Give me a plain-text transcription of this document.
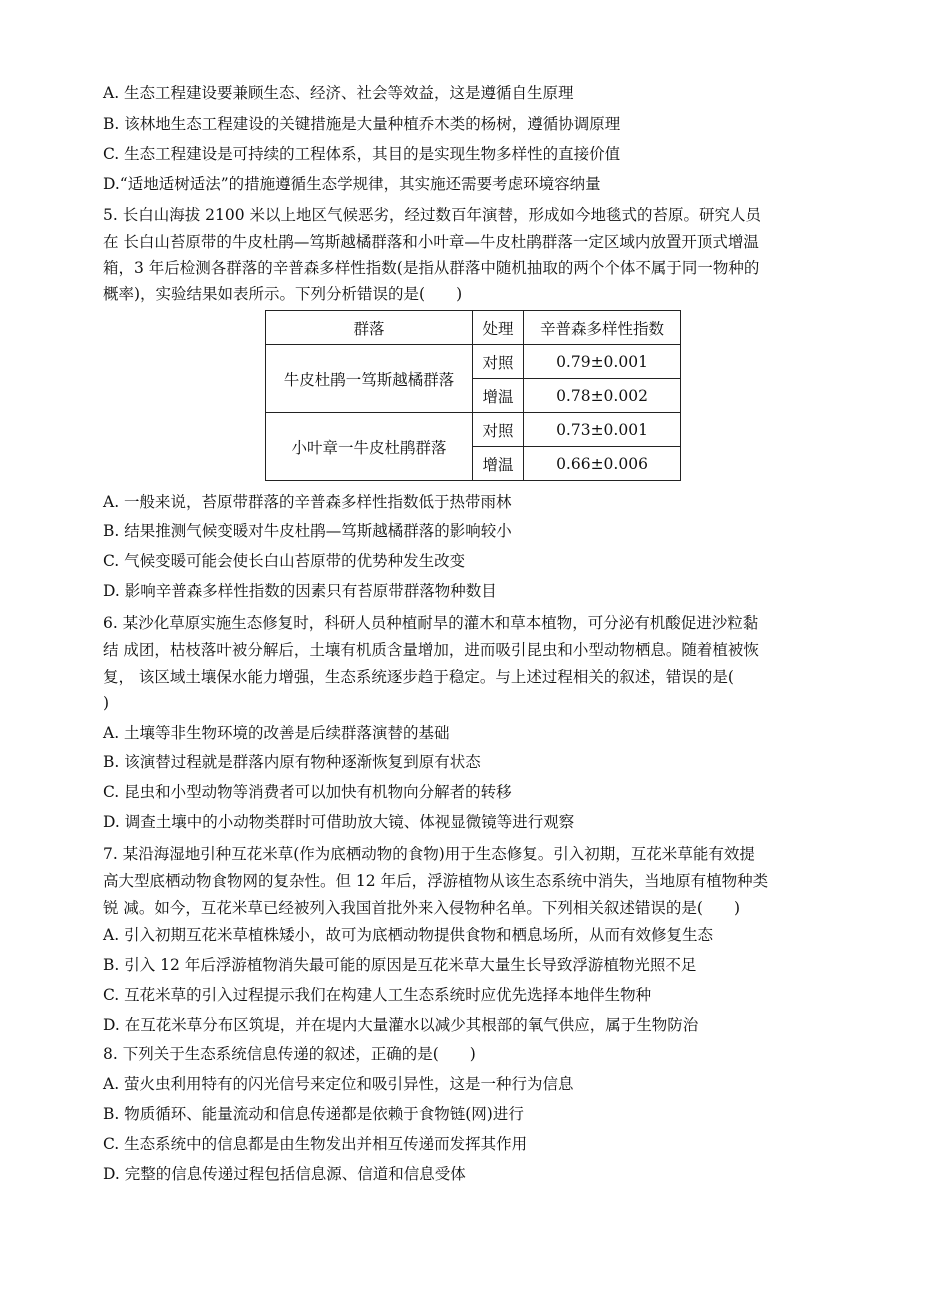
A. 生态工程建设要兼顾生态、经济、社会等效益，这是遵循自生原理
B. 该林地生态工程建设的关键措施是大量种植乔木类的杨树，遵循协调原理
C. 生态工程建设是可持续的工程体系，其目的是实现生物多样性的直接价值
D.“适地适树适法”的措施遵循生态学规律，其实施还需要考虑环境容纳量
5. 长白山海拔 2100 米以上地区气候恶劣，经过数百年演替，形成如今地毯式的苔原。研究人员
在 长白山苔原带的牛皮杜鹃—笃斯越橘群落和小叶章—牛皮杜鹃群落一定区域内放置开顶式增温
箱，3 年后检测各群落的辛普森多样性指数(是指从群落中随机抽取的两个个体不属于同一物种的
概率)，实验结果如表所示。下列分析错误的是(　　)
群落	处理	辛普森多样性指数
牛皮杜鹃一笃斯越橘群落	对照	0.79±0.001
	增温	0.78±0.002
小叶章一牛皮杜鹃群落	对照	0.73±0.001
	增温	0.66±0.006
A. 一般来说，苔原带群落的辛普森多样性指数低于热带雨林
B. 结果推测气候变暖对牛皮杜鹃—笃斯越橘群落的影响较小
C. 气候变暖可能会使长白山苔原带的优势种发生改变
D. 影响辛普森多样性指数的因素只有苔原带群落物种数目
6. 某沙化草原实施生态修复时，科研人员种植耐旱的灌木和草本植物，可分泌有机酸促进沙粒黏
结 成团，枯枝落叶被分解后，土壤有机质含量增加，进而吸引昆虫和小型动物栖息。随着植被恢
复， 该区域土壤保水能力增强，生态系统逐步趋于稳定。与上述过程相关的叙述，错误的是(
)
A. 土壤等非生物环境的改善是后续群落演替的基础
B. 该演替过程就是群落内原有物种逐渐恢复到原有状态
C. 昆虫和小型动物等消费者可以加快有机物向分解者的转移
D. 调查土壤中的小动物类群时可借助放大镜、体视显微镜等进行观察
7. 某沿海湿地引种互花米草(作为底栖动物的食物)用于生态修复。引入初期，互花米草能有效提
高大型底栖动物食物网的复杂性。但 12 年后，浮游植物从该生态系统中消失，当地原有植物种类
锐 减。如今，互花米草已经被列入我国首批外来入侵物种名单。下列相关叙述错误的是(　　)
A. 引入初期互花米草植株矮小，故可为底栖动物提供食物和栖息场所，从而有效修复生态
B. 引入 12 年后浮游植物消失最可能的原因是互花米草大量生长导致浮游植物光照不足
C. 互花米草的引入过程提示我们在构建人工生态系统时应优先选择本地伴生物种
D. 在互花米草分布区筑堤，并在堤内大量灌水以减少其根部的氧气供应，属于生物防治
8. 下列关于生态系统信息传递的叙述，正确的是(　　)
A. 萤火虫利用特有的闪光信号来定位和吸引异性，这是一种行为信息
B. 物质循环、能量流动和信息传递都是依赖于食物链(网)进行
C. 生态系统中的信息都是由生物发出并相互传递而发挥其作用
D. 完整的信息传递过程包括信息源、信道和信息受体
